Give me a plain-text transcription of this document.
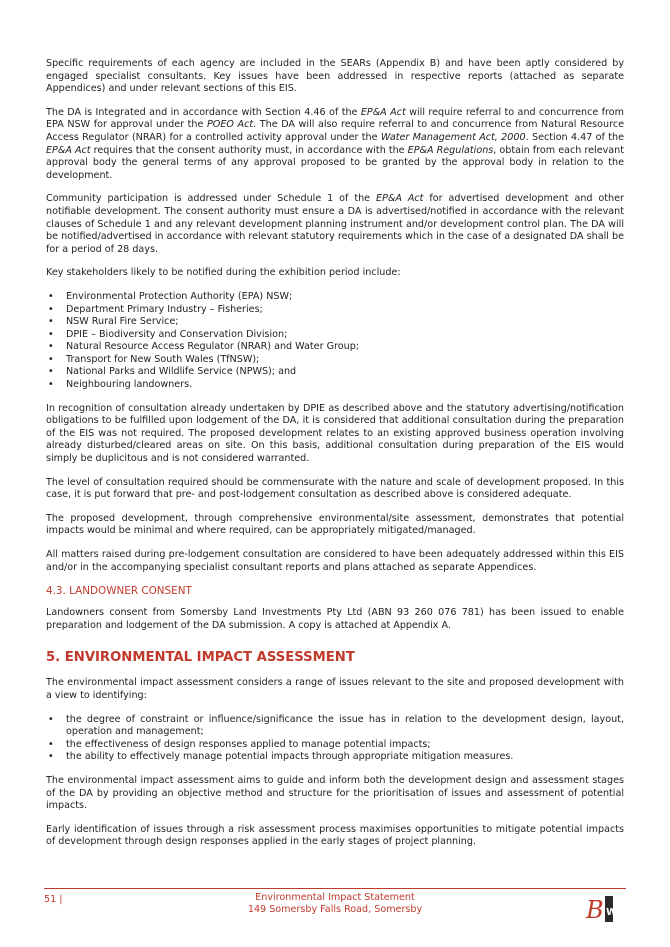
Specific requirements of each agency are included in the SEARs (Appendix B) and have been aptly considered by engaged specialist consultants. Key issues have been addressed in respective reports (attached as separate Appendices) and under relevant sections of this EIS.

The DA is Integrated and in accordance with Section 4.46 of the EP&A Act will require referral to and concurrence from EPA NSW for approval under the POEO Act. The DA will also require referral to and concurrence from Natural Resource Access Regulator (NRAR) for a controlled activity approval under the Water Management Act, 2000. Section 4.47 of the EP&A Act requires that the consent authority must, in accordance with the EP&A Regulations, obtain from each relevant approval body the general terms of any approval proposed to be granted by the approval body in relation to the development.

Community participation is addressed under Schedule 1 of the EP&A Act for advertised development and other notifiable development. The consent authority must ensure a DA is advertised/notified in accordance with the relevant clauses of Schedule 1 and any relevant development planning instrument and/or development control plan. The DA will be notified/advertised in accordance with relevant statutory requirements which in the case of a designated DA shall be for a period of 28 days.

Key stakeholders likely to be notified during the exhibition period include:

• Environmental Protection Authority (EPA) NSW;
• Department Primary Industry – Fisheries;
• NSW Rural Fire Service;
• DPIE – Biodiversity and Conservation Division;
• Natural Resource Access Regulator (NRAR) and Water Group;
• Transport for New South Wales (TfNSW);
• National Parks and Wildlife Service (NPWS); and
• Neighbouring landowners.

In recognition of consultation already undertaken by DPIE as described above and the statutory advertising/notification obligations to be fulfilled upon lodgement of the DA, it is considered that additional consultation during the preparation of the EIS was not required. The proposed development relates to an existing approved business operation involving already disturbed/cleared areas on site. On this basis, additional consultation during preparation of the EIS would simply be duplicitous and is not considered warranted.

The level of consultation required should be commensurate with the nature and scale of development proposed. In this case, it is put forward that pre- and post-lodgement consultation as described above is considered adequate.

The proposed development, through comprehensive environmental/site assessment, demonstrates that potential impacts would be minimal and where required, can be appropriately mitigated/managed.

All matters raised during pre-lodgement consultation are considered to have been adequately addressed within this EIS and/or in the accompanying specialist consultant reports and plans attached as separate Appendices.

4.3. LANDOWNER CONSENT

Landowners consent from Somersby Land Investments Pty Ltd (ABN 93 260 076 781) has been issued to enable preparation and lodgement of the DA submission. A copy is attached at Appendix A.

5. ENVIRONMENTAL IMPACT ASSESSMENT

The environmental impact assessment considers a range of issues relevant to the site and proposed development with a view to identifying:

• the degree of constraint or influence/significance the issue has in relation to the development design, layout, operation and management;
• the effectiveness of design responses applied to manage potential impacts;
• the ability to effectively manage potential impacts through appropriate mitigation measures.

The environmental impact assessment aims to guide and inform both the development design and assessment stages of the DA by providing an objective method and structure for the prioritisation of issues and assessment of potential impacts.

Early identification of issues through a risk assessment process maximises opportunities to mitigate potential impacts of development through design responses applied in the early stages of project planning.

51 |	Environmental Impact Statement
149 Somersby Falls Road, Somersby	B W
